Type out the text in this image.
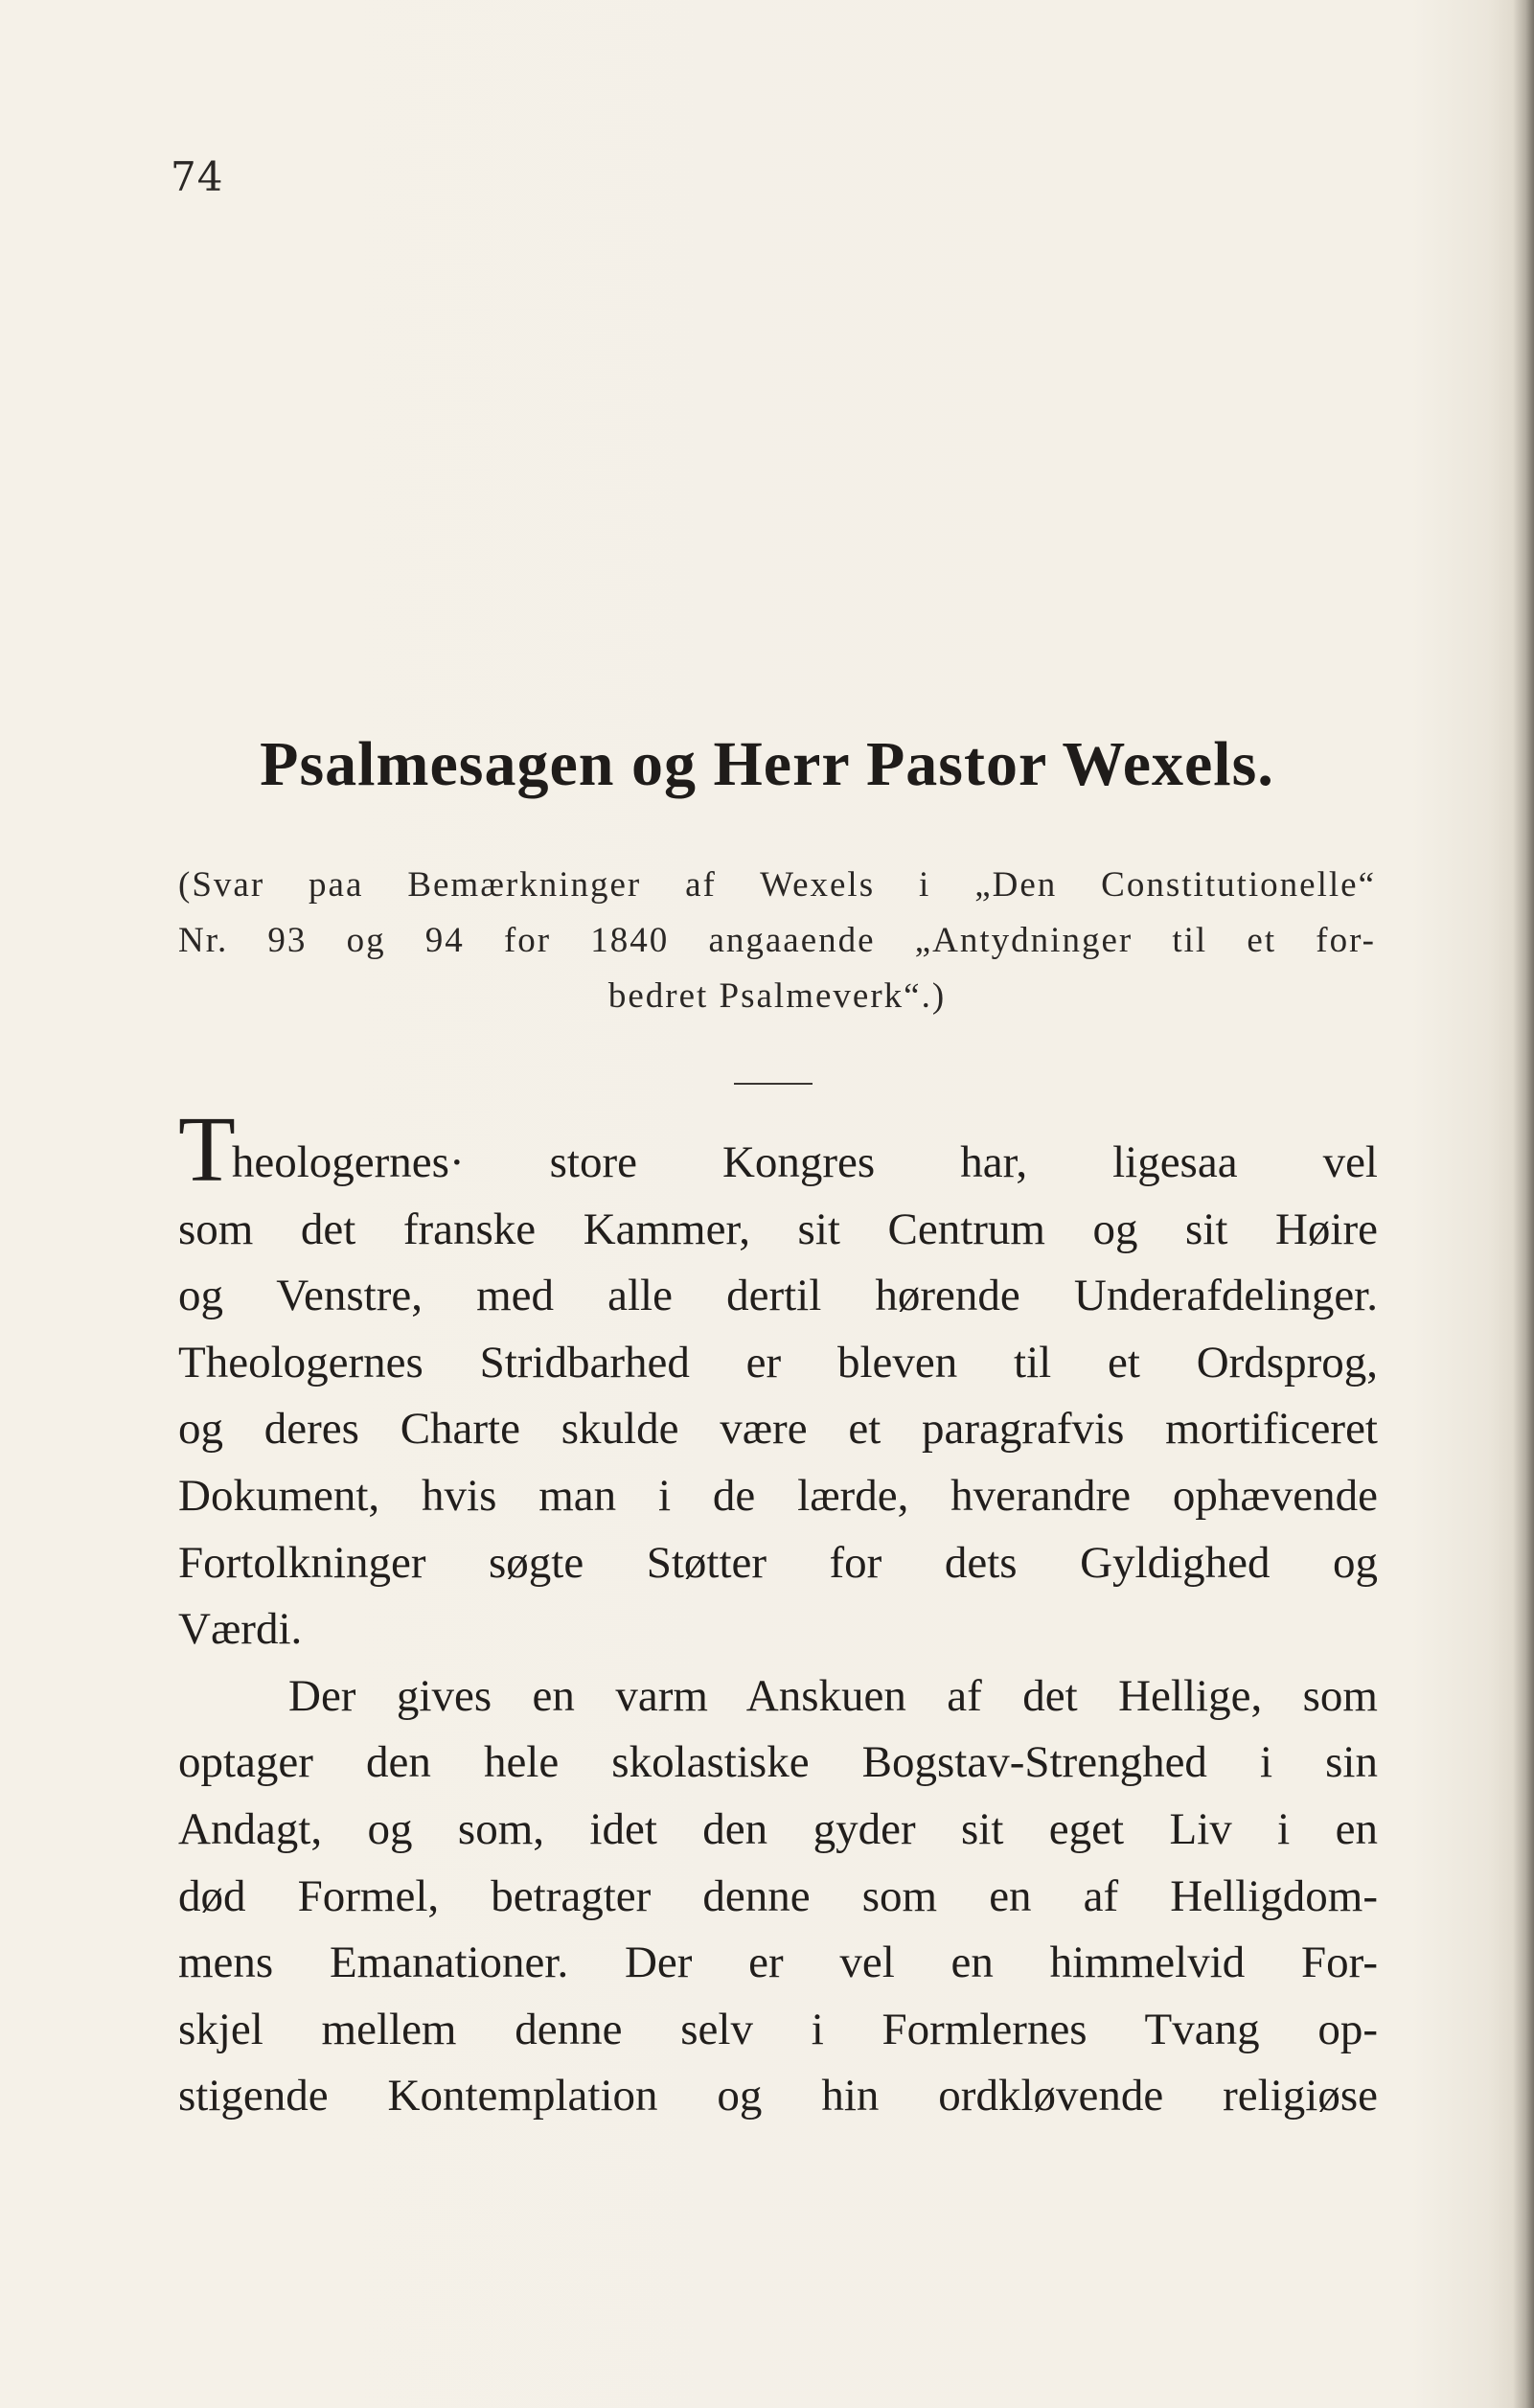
74
Psalmesagen og Herr Pastor Wexels.
(Svar paa Bemærkninger af Wexels i „Den Constitutionelle“
Nr. 93 og 94 for 1840 angaaende „Antydninger til et for-
bedret Psalmeverk“.)
Theologernes· store Kongres har, ligesaa vel
som det franske Kammer, sit Centrum og sit Høire
og Venstre, med alle dertil hørende Underafdelinger.
Theologernes Stridbarhed er bleven til et Ordsprog,
og deres Charte skulde være et paragrafvis mortificeret
Dokument, hvis man i de lærde, hverandre ophævende
Fortolkninger søgte Støtter for dets Gyldighed og
Værdi.
Der gives en varm Anskuen af det Hellige, som
optager den hele skolastiske Bogstav-Strenghed i sin
Andagt, og som, idet den gyder sit eget Liv i en
død Formel, betragter denne som en af Helligdom-
mens Emanationer. Der er vel en himmelvid For-
skjel mellem denne selv i Formlernes Tvang op-
stigende Kontemplation og hin ordkløvende religiøse
